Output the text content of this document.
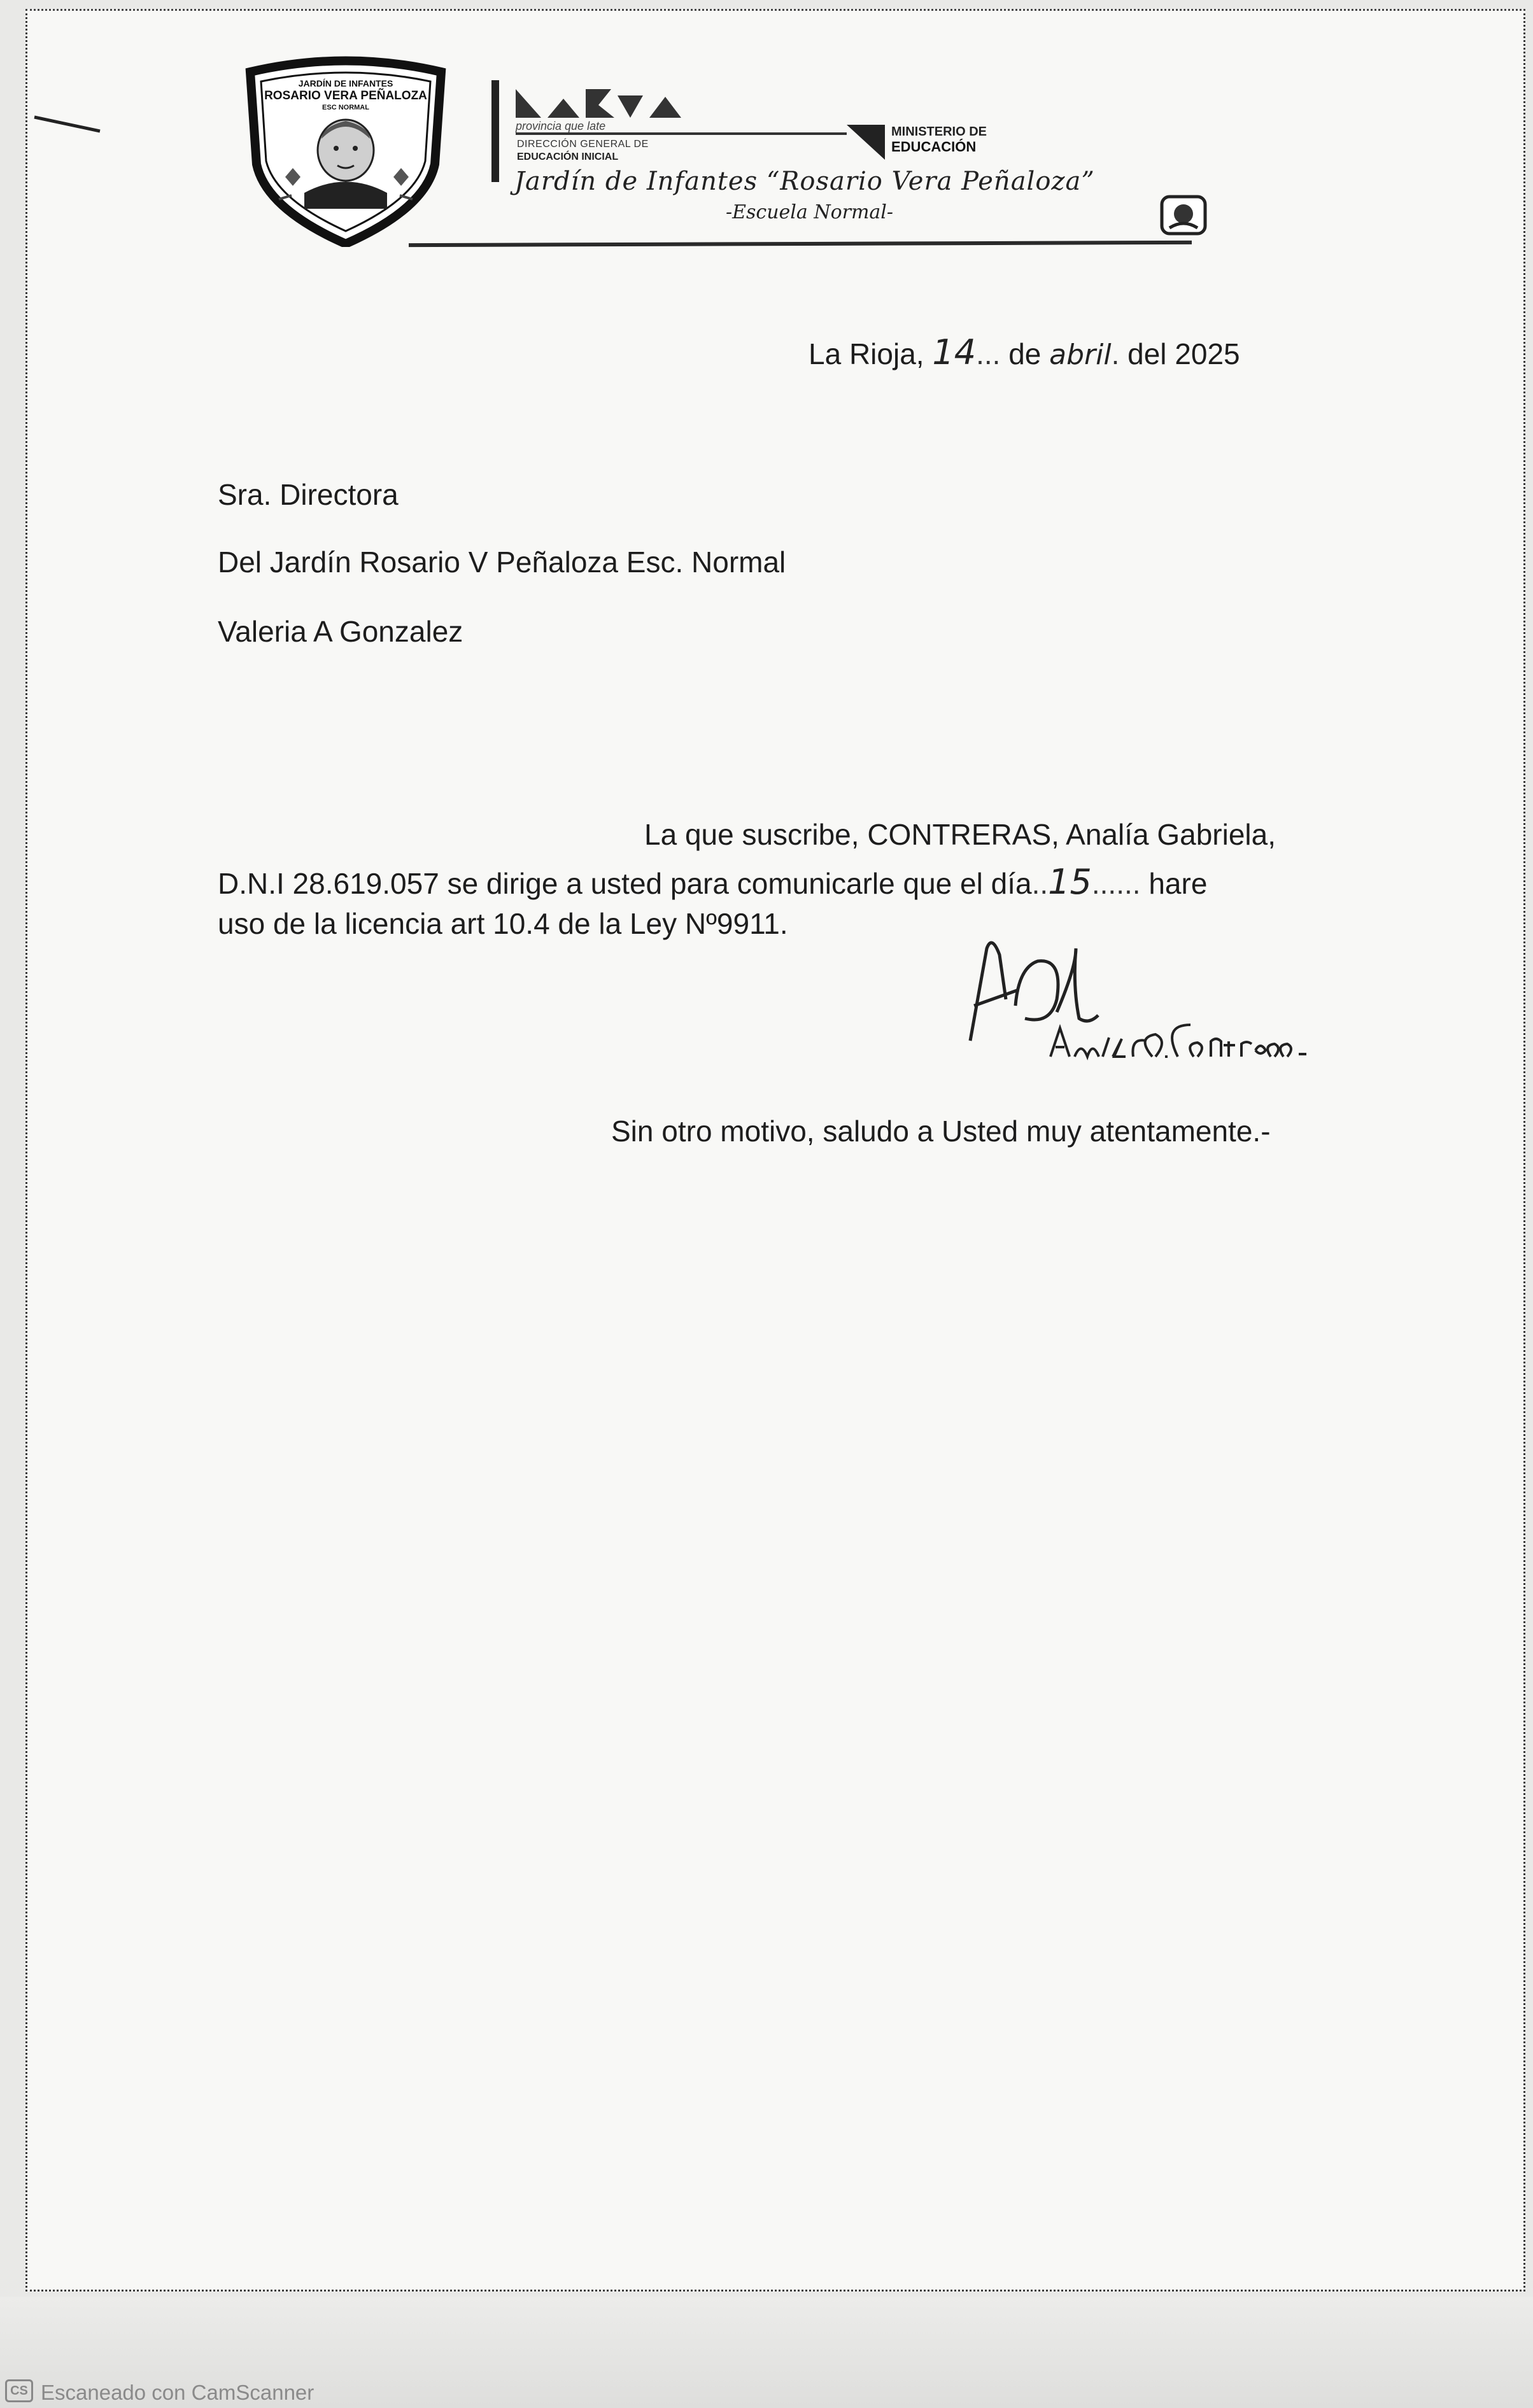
JARDÍN DE INFANTES
ROSARIO VERA PEÑALOZA
ESC NORMAL
provincia que late
DIRECCIÓN GENERAL DE
EDUCACIÓN INICIAL
MINISTERIO DE
EDUCACIÓN
Jardín de Infantes “Rosario Vera Peñaloza”
-Escuela Normal-
La Rioja, 14... de abril. del 2025
Sra. Directora
Del Jardín Rosario V Peñaloza Esc. Normal
Valeria A Gonzalez
La que suscribe, CONTRERAS, Analía Gabriela,
D.N.I 28.619.057 se dirige a usted para comunicarle que el día..15...... hare
uso de la licencia art 10.4 de la Ley Nº9911.
Sin otro motivo, saludo a Usted muy atentamente.-
CS Escaneado con CamScanner
